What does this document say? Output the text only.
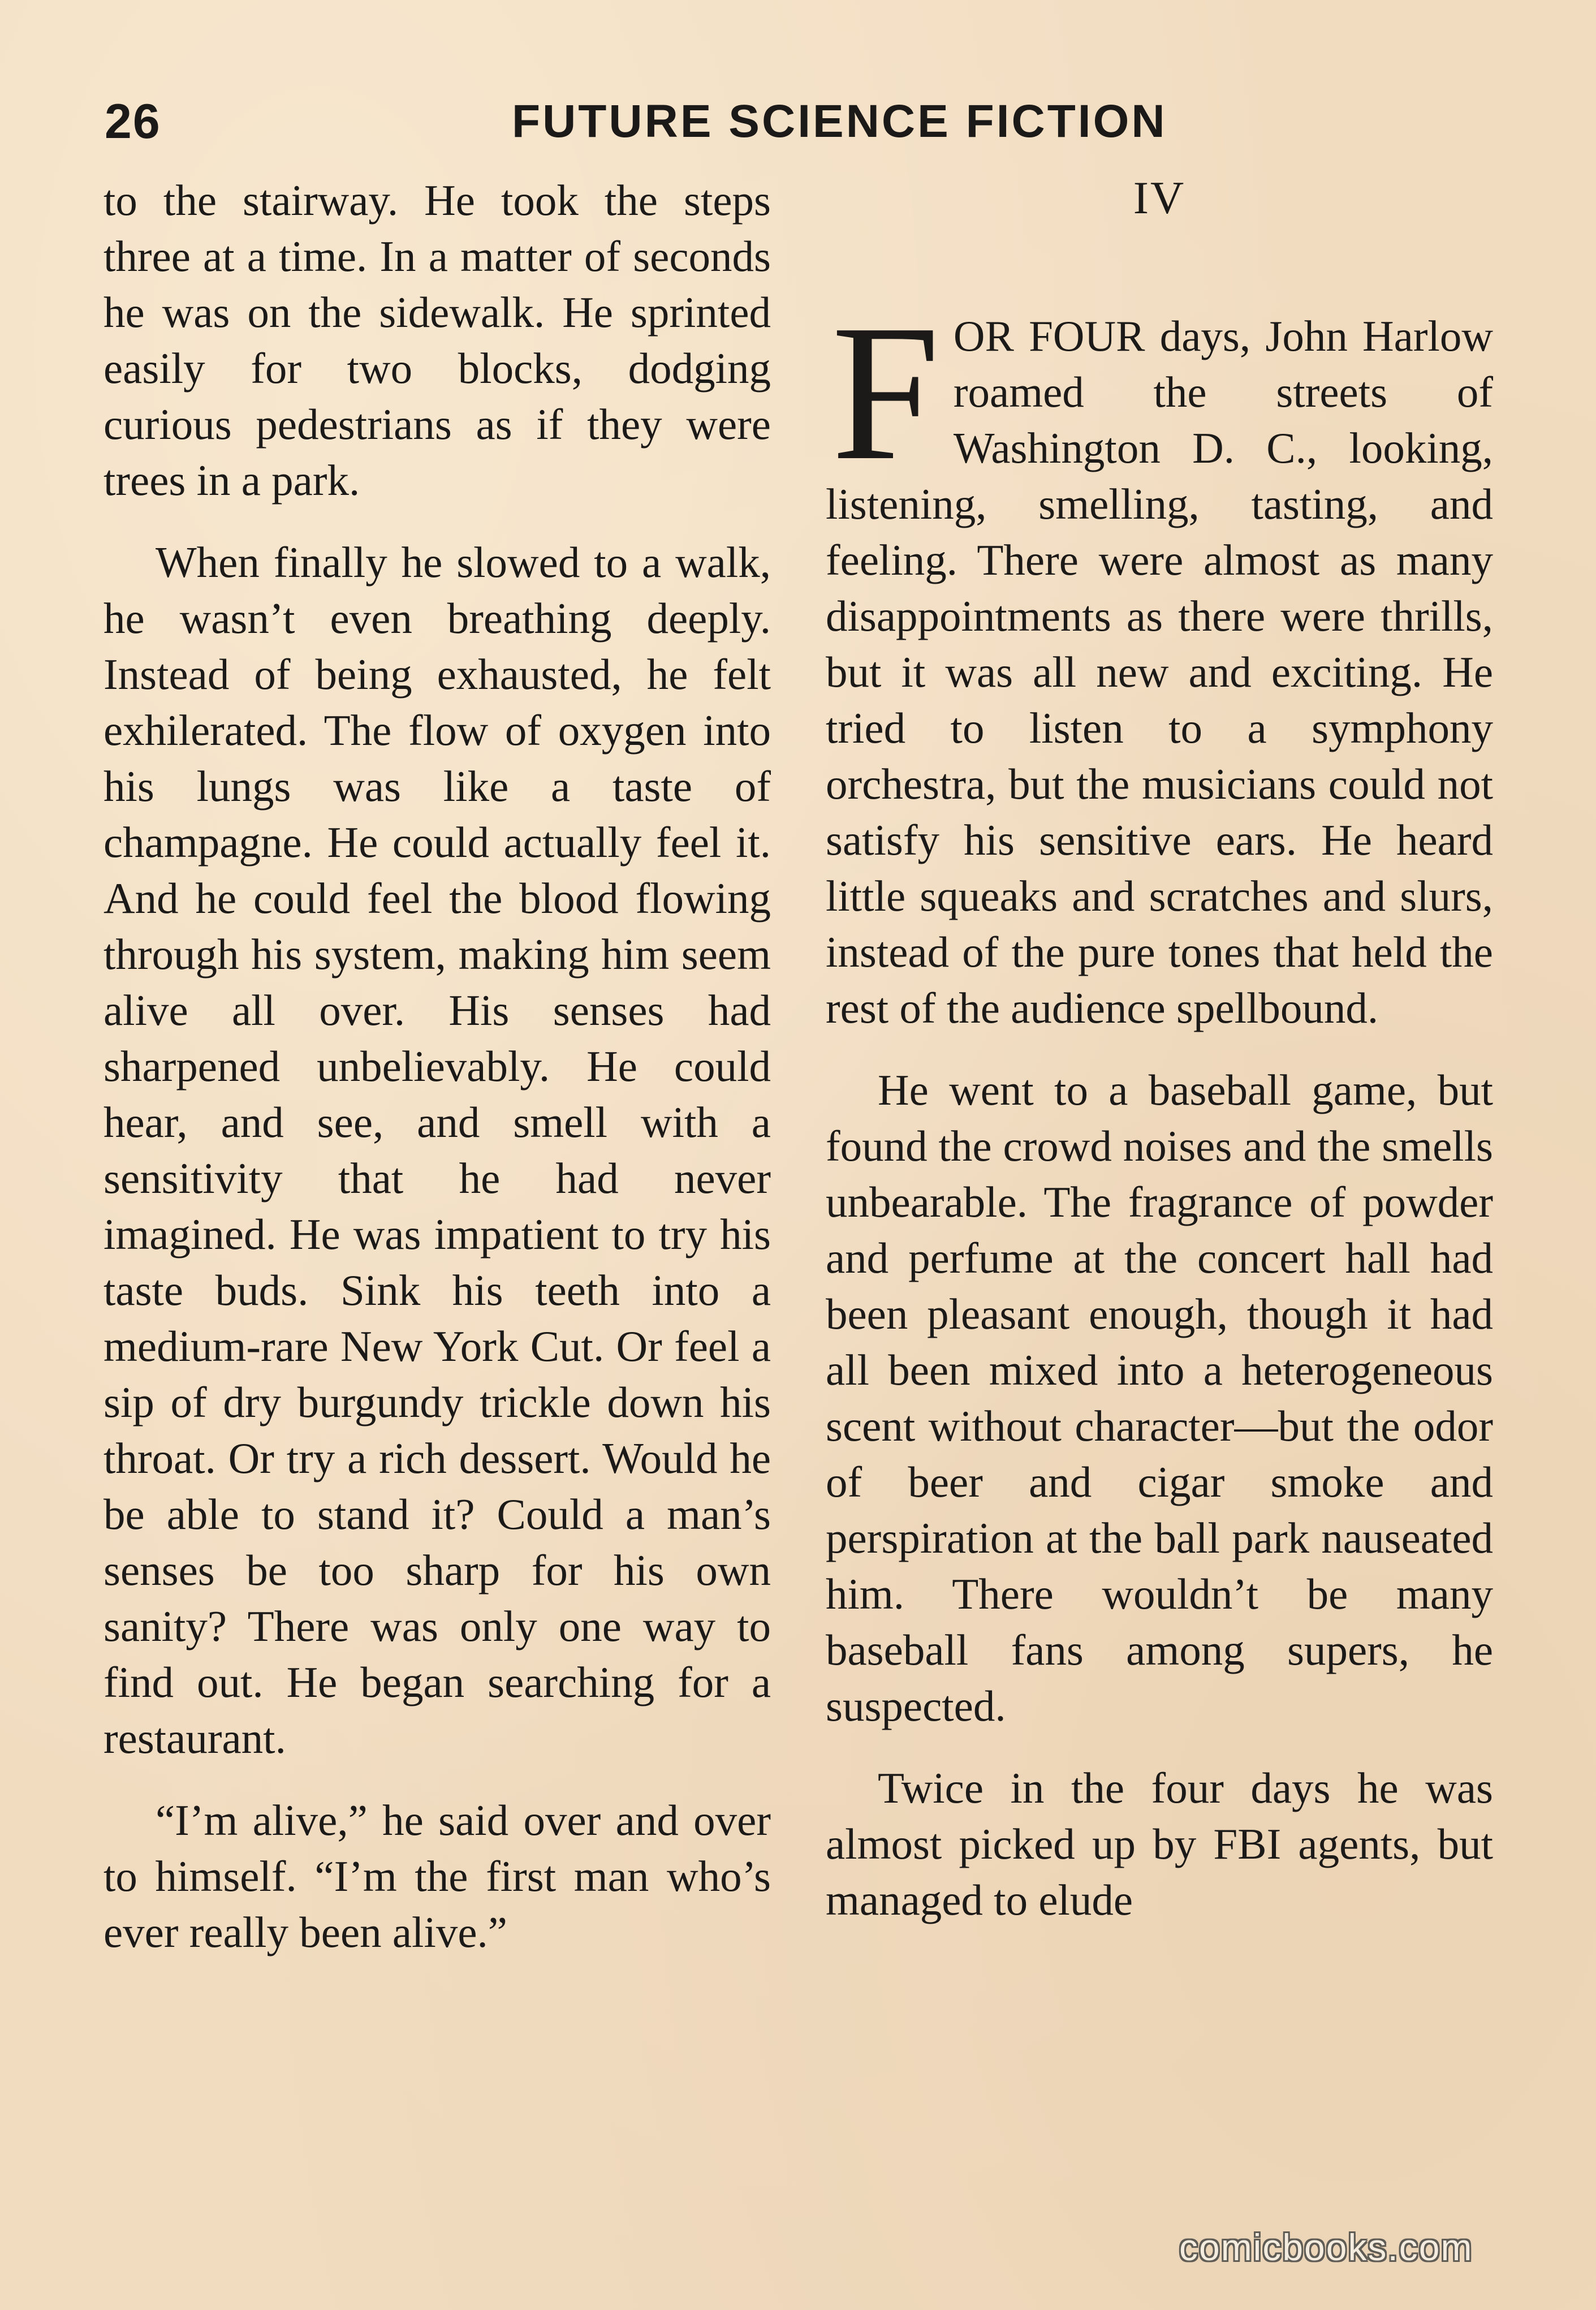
26	FUTURE SCIENCE FICTION

to the stairway. He took the steps three at a time. In a matter of seconds he was on the sidewalk. He sprinted easily for two blocks, dodging curious pedestrians as if they were trees in a park.

When finally he slowed to a walk, he wasn’t even breathing deeply. Instead of being exhausted, he felt exhilerated. The flow of oxygen into his lungs was like a taste of champagne. He could actually feel it. And he could feel the blood flowing through his system, making him seem alive all over. His senses had sharpened unbelievably. He could hear, and see, and smell with a sensitivity that he had never imagined. He was impatient to try his taste buds. Sink his teeth into a medium-rare New York Cut. Or feel a sip of dry burgundy trickle down his throat. Or try a rich dessert. Would he be able to stand it? Could a man’s senses be too sharp for his own sanity? There was only one way to find out. He began searching for a restaurant.

“I’m alive,” he said over and over to himself. “I’m the first man who’s ever really been alive.”

IV

FOR FOUR days, John Harlow roamed the streets of Washington D. C., looking, listening, smelling, tasting, and feeling. There were almost as many disappointments as there were thrills, but it was all new and exciting. He tried to listen to a symphony orchestra, but the musicians could not satisfy his sensitive ears. He heard little squeaks and scratches and slurs, instead of the pure tones that held the rest of the audience spellbound.

He went to a baseball game, but found the crowd noises and the smells unbearable. The fragrance of powder and perfume at the concert hall had been pleasant enough, though it had all been mixed into a heterogeneous scent without character—but the odor of beer and cigar smoke and perspiration at the ball park nauseated him. There wouldn’t be many baseball fans among supers, he suspected.

Twice in the four days he was almost picked up by FBI agents, but managed to elude

comicbooks.com
